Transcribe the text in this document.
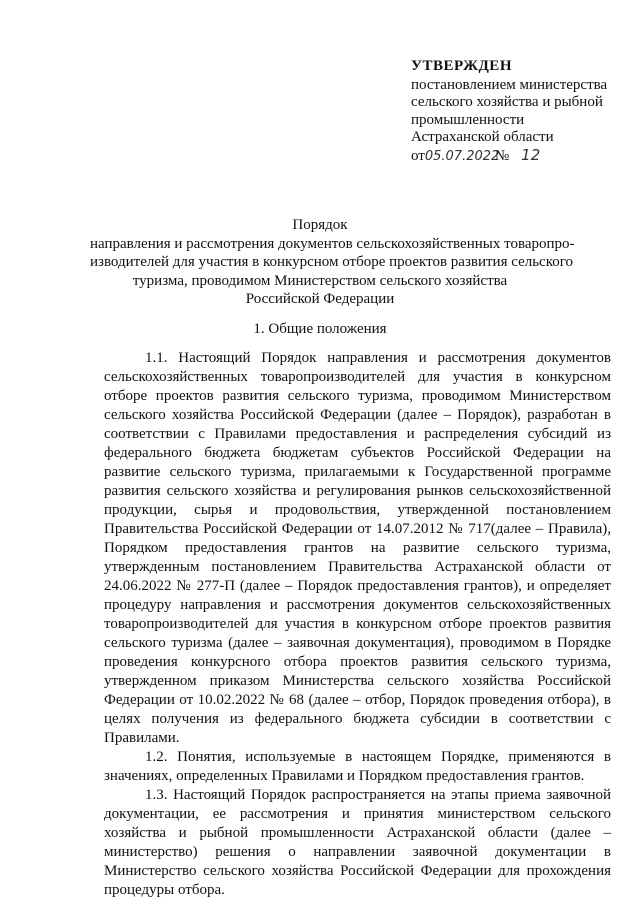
УТВЕРЖДЕН
постановлением министерства
сельского хозяйства и рыбной
промышленности
Астраханской области
от 05.07.2022
№ 12
Порядок
направления и рассмотрения документов сельскохозяйственных товаропро-
изводителей для участия в конкурсном отборе проектов развития сельского
туризма, проводимом Министерством сельского хозяйства
Российской Федерации
1. Общие положения

1.1. Настоящий Порядок направления и рассмотрения документов сельскохозяйственных товаропроизводителей для участия в конкурсном отборе проектов развития сельского туризма, проводимом Министерством сельского хозяйства Российской Федерации (далее – Порядок), разработан в соответствии с Правилами предоставления и распределения субсидий из федерального бюджета бюджетам субъектов Российской Федерации на развитие сельского туризма, прилагаемыми к Государственной программе развития сельского хозяйства и регулирования рынков сельскохозяйственной продукции, сырья и продовольствия, утвержденной постановлением Правительства Российской Федерации от 14.07.2012 № 717(далее – Правила), Порядком предоставления грантов на развитие сельского туризма, утвержденным постановлением Правительства Астраханской области от 24.06.2022 № 277-П (далее – Порядок предоставления грантов), и определяет процедуру направления и рассмотрения документов сельскохозяйственных товаропроизводителей для участия в конкурсном отборе проектов развития сельского туризма (далее – заявочная документация), проводимом в Порядке проведения конкурсного отбора проектов развития сельского туризма, утвержденном приказом Министерства сельского хозяйства Российской Федерации от 10.02.2022 № 68 (далее – отбор, Порядок проведения отбора), в целях получения из федерального бюджета субсидии в соответствии с Правилами.

1.2. Понятия, используемые в настоящем Порядке, применяются в значениях, определенных Правилами и Порядком предоставления грантов.

1.3. Настоящий Порядок распространяется на этапы приема заявочной документации, ее рассмотрения и принятия министерством сельского хозяйства и рыбной промышленности Астраханской области (далее – министерство) решения о направлении заявочной документации в Министерство сельского хозяйства Российской Федерации для прохождения процедуры отбора.
